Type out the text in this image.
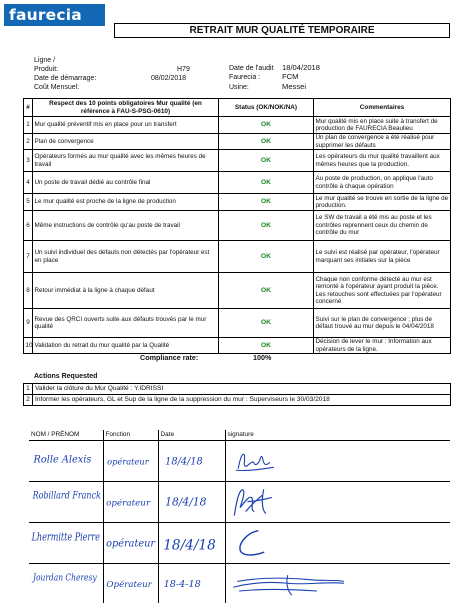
faurecia
RETRAIT MUR QUALITÉ TEMPORAIRE
Ligne /
Produit:	H79
Date de démarrage:	08/02/2018
Coût Mensuel:
Date de l'audit 18/04/2018
Faurecia :	FCM
Usine:	Messei
#	Respect des 10 points obligatoires Mur qualité (en référence à FAU-S-PSG-0610)	Status (OK/NOK/NA)	Commentaires
1	Mur qualité préventif mis en place pour un transfert	OK	Mur qualité mis en place suite à transfert de production de FAURECIA Beaulieu
2	Plan de convergence	OK	Un plan de convergence a été réalisé pour supprimer les défauts
3	Opérateurs formés au mur qualité avec les mêmes heures de travail	OK	Les opérateurs du mur qualité travaillent aux mêmes heures que la production.
4	Un poste de travail dédié au contrôle final	OK	Au poste de production, on applique l'auto contrôle à chaque opération
5	Le mur qualité est proche de la ligne de production	OK	Le mur qualité se trouve en sortie de la ligne de production.
6	Même instructions de contrôle qu'au poste de travail	OK	Le SW de travail a été mis au poste et les contrôles reprennent ceux du chemin de contrôle du mur
7	Un suivi individuel des défauts non détectés par l'opérateur est en place	OK	Le suivi est réalisé par opérateur, l'opérateur marquant ses initiales sur la pièce
8	Retour immédiat à la ligne à chaque défaut	OK	Chaque non conforme détecté au mur est remonté à l'opérateur ayant produit la pièce. Les retouches sont effectuées par l'opérateur concerné
9	Revue des QRCI ouverts suite aux défauts trouvés par le mur qualité	OK	Suivi sur le plan de convergence ; plus de défaut trouvé au mur depuis le 04/04/2018
10	Validation du retrait du mur qualité par la Qualité	OK	Décision de lever le mur : Information aux opérateurs de la ligne.
Compliance rate:	100%
Actions Requested
1	Valider la clôture du Mur Qualité : Y.IDRISSI
2	Informer les opérateurs, GL et Sup de la ligne de la suppression du mur : Superviseurs le 30/03/2018
NOM / PRÉNOM	Fonction	Date	signature

Rolle Alexis	opérateur	18/4/18

Robillard Franck	opérateur	18/4/18

Lhermitte Pierre	opérateur	18/4/18

Jourdan Cheresy	Opérateur	18-4-18
